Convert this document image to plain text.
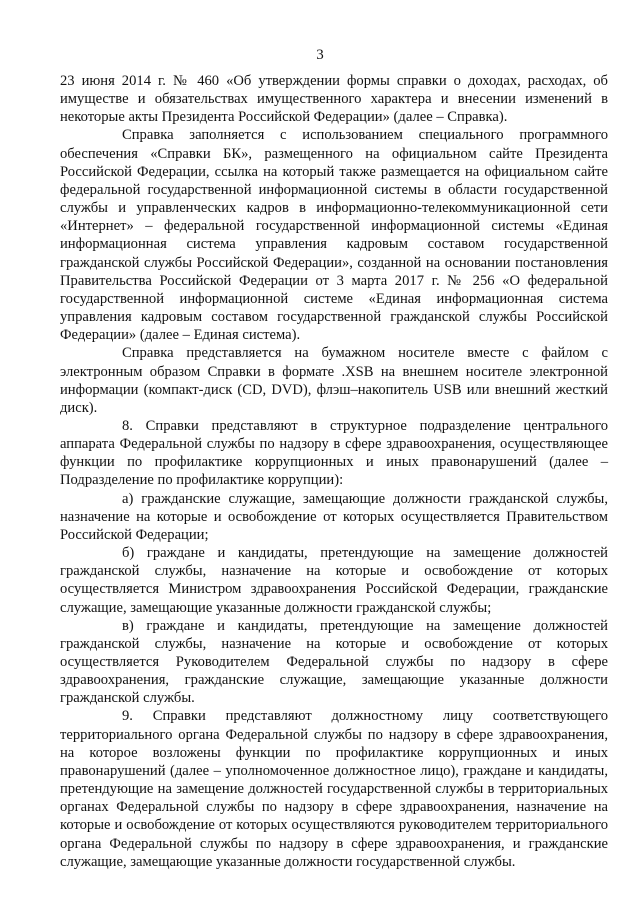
3

23 июня 2014 г. № 460 «Об утверждении формы справки о доходах, расходах, об имуществе и обязательствах имущественного характера и внесении изменений в некоторые акты Президента Российской Федерации» (далее – Справка).

Справка заполняется с использованием специального программного обеспечения «Справки БК», размещенного на официальном сайте Президента Российской Федерации, ссылка на который также размещается на официальном сайте федеральной государственной информационной системы в области государственной службы и управленческих кадров в информационно-телекоммуникационной сети «Интернет» – федеральной государственной информационной системы «Единая информационная система управления кадровым составом государственной гражданской службы Российской Федерации», созданной на основании постановления Правительства Российской Федерации от 3 марта 2017 г. № 256 «О федеральной государственной информационной системе «Единая информационная система управления кадровым составом государственной гражданской службы Российской Федерации» (далее – Единая система).

Справка представляется на бумажном носителе вместе с файлом с электронным образом Справки в формате .XSB на внешнем носителе электронной информации (компакт-диск (CD, DVD), флэш–накопитель USB или внешний жесткий диск).

8. Справки представляют в структурное подразделение центрального аппарата Федеральной службы по надзору в сфере здравоохранения, осуществляющее функции по профилактике коррупционных и иных правонарушений (далее – Подразделение по профилактике коррупции):

а) гражданские служащие, замещающие должности гражданской службы, назначение на которые и освобождение от которых осуществляется Правительством Российской Федерации;

б) граждане и кандидаты, претендующие на замещение должностей гражданской службы, назначение на которые и освобождение от которых осуществляется Министром здравоохранения Российской Федерации, гражданские служащие, замещающие указанные должности гражданской службы;

в) граждане и кандидаты, претендующие на замещение должностей гражданской службы, назначение на которые и освобождение от которых осуществляется Руководителем Федеральной службы по надзору в сфере здравоохранения, гражданские служащие, замещающие указанные должности гражданской службы.

9. Справки представляют должностному лицу соответствующего территориального органа Федеральной службы по надзору в сфере здравоохранения, на которое возложены функции по профилактике коррупционных и иных правонарушений (далее – уполномоченное должностное лицо), граждане и кандидаты, претендующие на замещение должностей государственной службы в территориальных органах Федеральной службы по надзору в сфере здравоохранения, назначение на которые и освобождение от которых осуществляются руководителем территориального органа Федеральной службы по надзору в сфере здравоохранения, и гражданские служащие, замещающие указанные должности государственной службы.
